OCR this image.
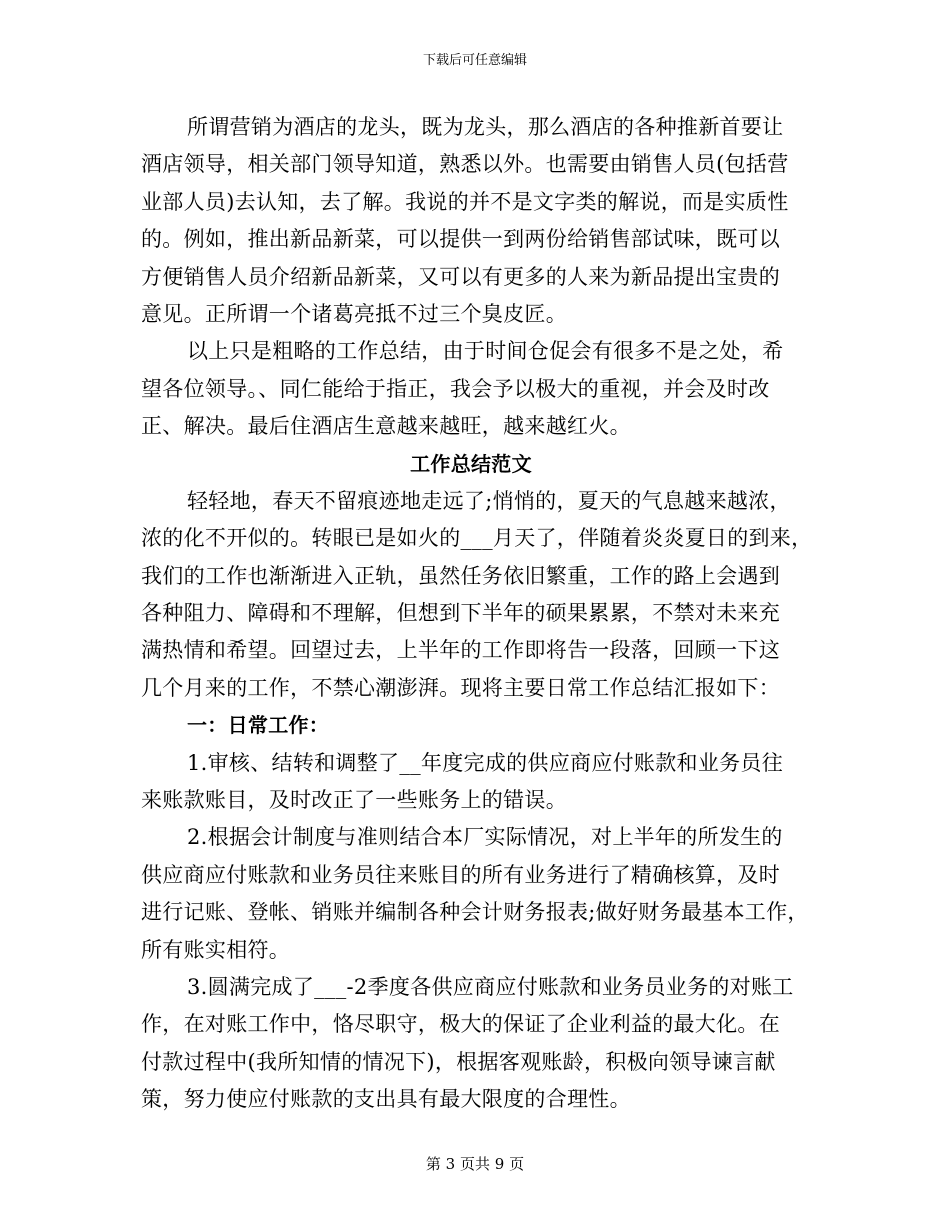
下载后可任意编辑
所谓营销为酒店的龙头，既为龙头，那么酒店的各种推新首要让
酒店领导，相关部门领导知道，熟悉以外。也需要由销售人员(包括营
业部人员)去认知，去了解。我说的并不是文字类的解说，而是实质性
的。例如，推出新品新菜，可以提供一到两份给销售部试味，既可以
方便销售人员介绍新品新菜，又可以有更多的人来为新品提出宝贵的
意见。正所谓一个诸葛亮抵不过三个臭皮匠。
以上只是粗略的工作总结，由于时间仓促会有很多不是之处，希
望各位领导。、同仁能给于指正，我会予以极大的重视，并会及时改
正、解决。最后住酒店生意越来越旺，越来越红火。
工作总结范文
轻轻地，春天不留痕迹地走远了;悄悄的，夏天的气息越来越浓，
浓的化不开似的。转眼已是如火的___月天了，伴随着炎炎夏日的到来，
我们的工作也渐渐进入正轨，虽然任务依旧繁重，工作的路上会遇到
各种阻力、障碍和不理解，但想到下半年的硕果累累，不禁对未来充
满热情和希望。回望过去，上半年的工作即将告一段落，回顾一下这
几个月来的工作，不禁心潮澎湃。现将主要日常工作总结汇报如下：
一：日常工作：
1.审核、结转和调整了__年度完成的供应商应付账款和业务员往
来账款账目，及时改正了一些账务上的错误。
2.根据会计制度与准则结合本厂实际情况，对上半年的所发生的
供应商应付账款和业务员往来账目的所有业务进行了精确核算，及时
进行记账、登帐、销账并编制各种会计财务报表;做好财务最基本工作，
所有账实相符。
3.圆满完成了___-2季度各供应商应付账款和业务员业务的对账工
作，在对账工作中，恪尽职守，极大的保证了企业利益的最大化。在
付款过程中(我所知情的情况下)，根据客观账龄，积极向领导谏言献
策，努力使应付账款的支出具有最大限度的合理性。
第 3 页共 9 页
